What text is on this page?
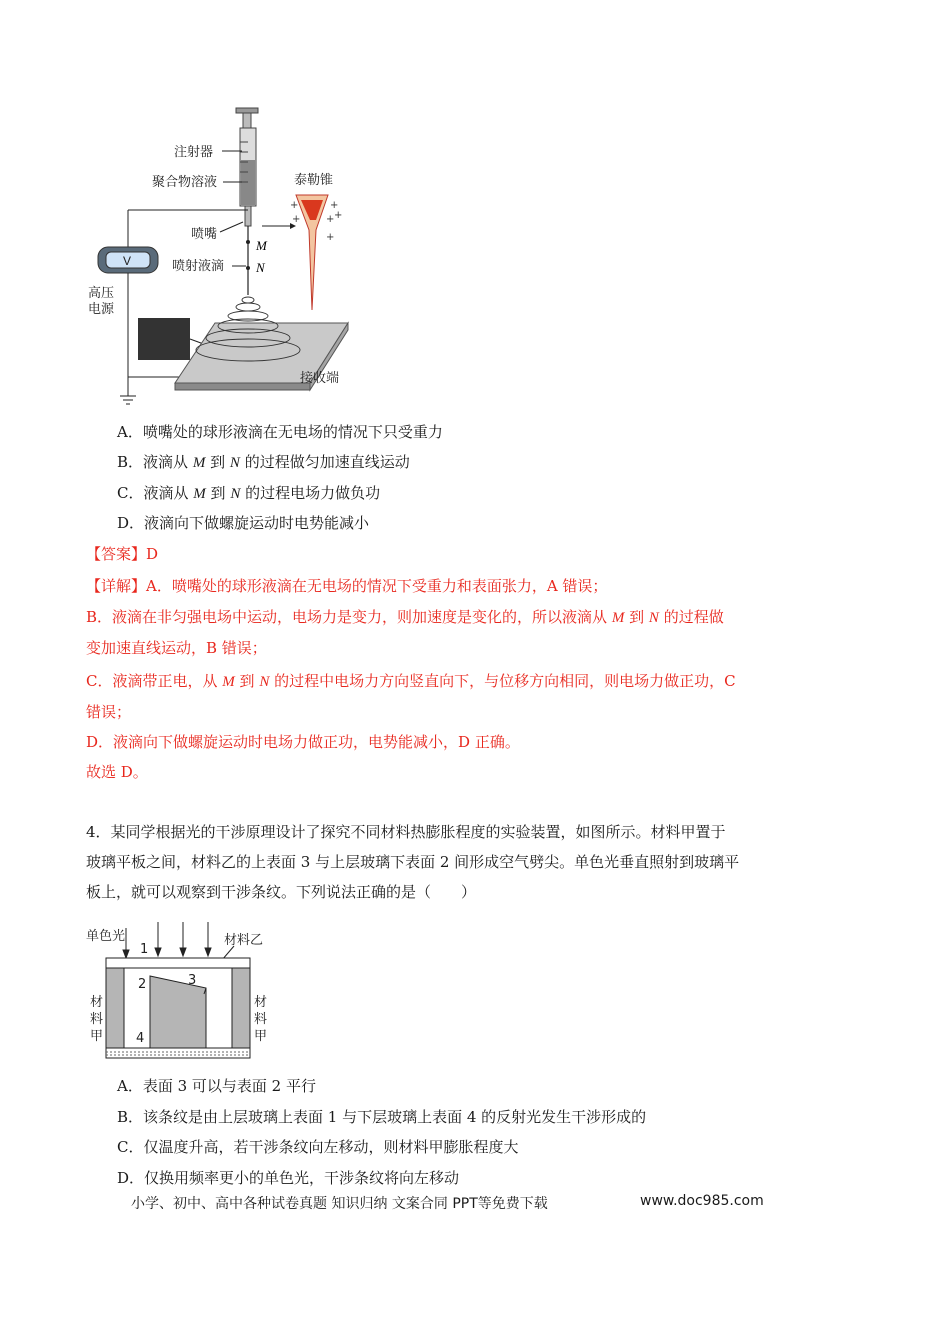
注射器
聚合物溶液
喷嘴
喷射液滴
M
N
泰勒锥
+	+
+	+ +
+
V
高压
电源
接收端
A．喷嘴处的球形液滴在无电场的情况下只受重力
B．液滴从 M 到 N 的过程做匀加速直线运动
C．液滴从 M 到 N 的过程电场力做负功
D．液滴向下做螺旋运动时电势能减小
【答案】D
【详解】A．喷嘴处的球形液滴在无电场的情况下受重力和表面张力，A 错误；
B．液滴在非匀强电场中运动，电场力是变力，则加速度是变化的，所以液滴从 M 到 N 的过程做
变加速直线运动，B 错误；
C．液滴带正电，从 M 到 N 的过程中电场力方向竖直向下，与位移方向相同，则电场力做正功，C
错误；
D．液滴向下做螺旋运动时电场力做正功，电势能减小，D 正确。
故选 D。
4．某同学根据光的干涉原理设计了探究不同材料热膨胀程度的实验装置，如图所示。材料甲置于
玻璃平板之间，材料乙的上表面 3 与上层玻璃下表面 2 间形成空气劈尖。单色光垂直照射到玻璃平
板上，就可以观察到干涉条纹。下列说法正确的是（　　）
单色光
1
材料乙
2	3
4
材
料
甲
材
料
甲
A．表面 3 可以与表面 2 平行
B．该条纹是由上层玻璃上表面 1 与下层玻璃上表面 4 的反射光发生干涉形成的
C．仅温度升高，若干涉条纹向左移动，则材料甲膨胀程度大
D．仅换用频率更小的单色光，干涉条纹将向左移动
小学、初中、高中各种试卷真题 知识归纳 文案合同 PPT等免费下载	www.doc985.com
